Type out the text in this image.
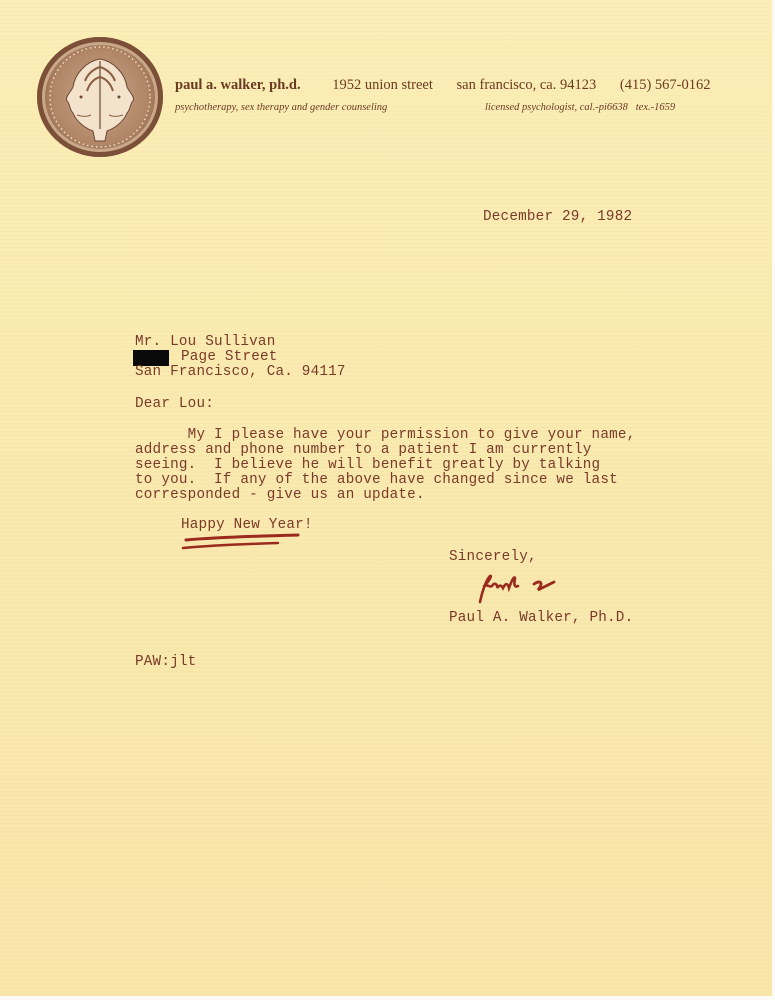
paul a. walker, ph.d. 1952 union street san francisco, ca. 94123 (415) 567-0162
psychotherapy, sex therapy and gender counseling	licensed psychologist, cal.-pi6638   tex.-1659
December 29, 1982
Mr. Lou Sullivan
Page Street
San Francisco, Ca. 94117
Dear Lou:
My I please have your permission to give your name,
address and phone number to a patient I am currently
seeing.  I believe he will benefit greatly by talking
to you.  If any of the above have changed since we last
corresponded - give us an update.
Happy New Year!
Sincerely,
Paul A. Walker, Ph.D.
PAW:jlt
